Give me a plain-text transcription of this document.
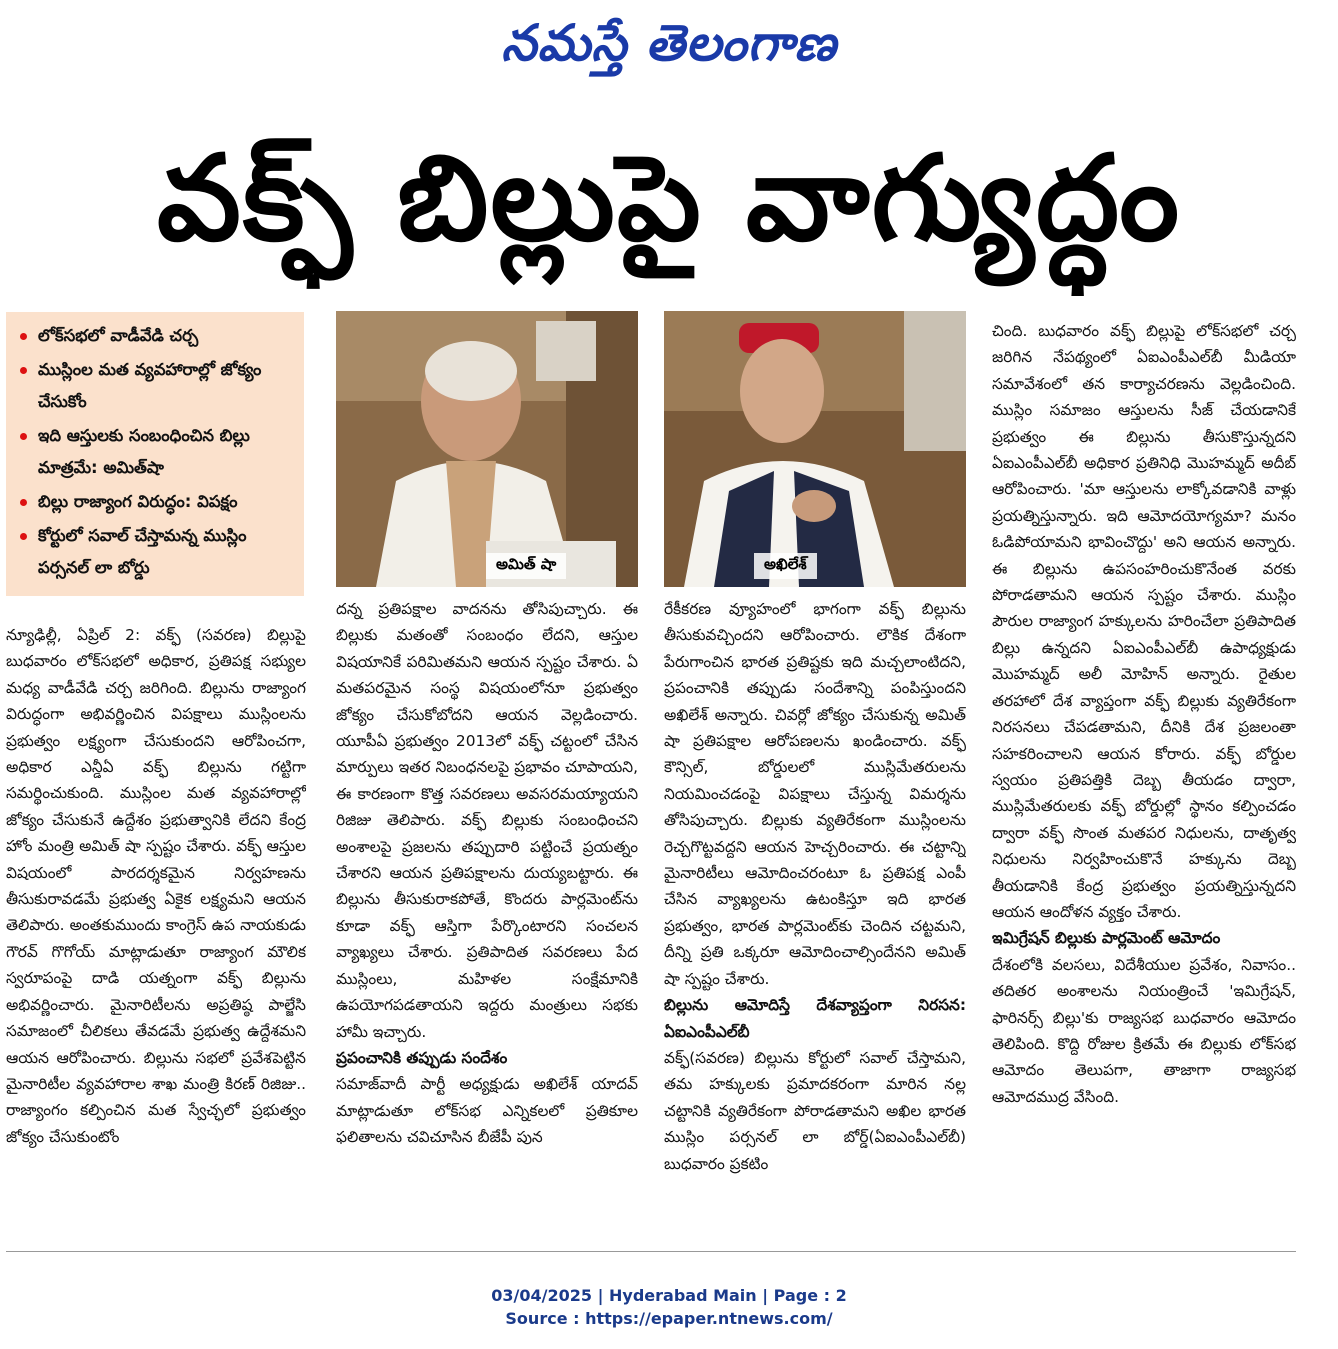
నమస్తే తెలంగాణ
వక్ఫ్ బిల్లుపై వాగ్యుద్ధం
లోక్‌సభలో వాడీవేడి చర్చ
ముస్లింల మత వ్యవహారాల్లో జోక్యం చేసుకోం
ఇది ఆస్తులకు సంబంధించిన బిల్లు మాత్రమే: అమిత్‌షా
బిల్లు రాజ్యాంగ విరుద్ధం: విపక్షం
కోర్టులో సవాల్ చేస్తామన్న ముస్లిం పర్సనల్ లా బోర్డు	అమిత్ షా	అఖిలేశ్

న్యూఢిల్లీ, ఏప్రిల్ 2: వక్ఫ్ (సవరణ) బిల్లుపై బుధవారం లోక్‌సభలో అధికార, ప్రతిపక్ష సభ్యుల మధ్య వాడీవేడి చర్చ జరిగింది. బిల్లును రాజ్యాంగ విరుద్ధంగా అభివర్ణించిన విపక్షాలు ముస్లింలను ప్రభుత్వం లక్ష్యంగా చేసుకుందని ఆరోపించగా, అధికార ఎన్డీఏ వక్ఫ్ బిల్లును గట్టిగా సమర్థించుకుంది. ముస్లింల మత వ్యవహారాల్లో జోక్యం చేసుకునే ఉద్దేశం ప్రభుత్వానికి లేదని కేంద్ర హోం మంత్రి అమిత్ షా స్పష్టం చేశారు. వక్ఫ్ ఆస్తుల విషయంలో పారదర్శకమైన నిర్వహణను తీసుకురావడమే ప్రభుత్వ ఏకైక లక్ష్యమని ఆయన తెలిపారు. అంతకుముందు కాంగ్రెస్ ఉప నాయకుడు గౌరవ్ గొగోయ్ మాట్లాడుతూ రాజ్యాంగ మౌలిక స్వరూపంపై దాడి యత్నంగా వక్ఫ్ బిల్లును అభివర్ణించారు. మైనారిటీలను అప్రతిష్ఠ పాల్జేసి సమాజంలో చీలికలు తేవడమే ప్రభుత్వ ఉద్దేశమని ఆయన ఆరోపించారు. బిల్లును సభలో ప్రవేశపెట్టిన మైనారిటీల వ్యవహారాల శాఖ మంత్రి కిరణ్ రిజిజు.. రాజ్యాంగం కల్పించిన మత స్వేచ్ఛలో ప్రభుత్వం జోక్యం చేసుకుంటోం

దన్న ప్రతిపక్షాల వాదనను తోసిపుచ్చారు. ఈ బిల్లుకు మతంతో సంబంధం లేదని, ఆస్తుల విషయానికే పరిమితమని ఆయన స్పష్టం చేశారు. ఏ మతపరమైన సంస్థ విషయంలోనూ ప్రభుత్వం జోక్యం చేసుకోబోదని ఆయన వెల్లడించారు. యూపీఏ ప్రభుత్వం 2013లో వక్ఫ్ చట్టంలో చేసిన మార్పులు ఇతర నిబంధనలపై ప్రభావం చూపాయని, ఈ కారణంగా కొత్త సవరణలు అవసరమయ్యాయని రిజిజు తెలిపారు. వక్ఫ్ బిల్లుకు సంబంధించని అంశాలపై ప్రజలను తప్పుదారి పట్టించే ప్రయత్నం చేశారని ఆయన ప్రతిపక్షాలను దుయ్యబట్టారు. ఈ బిల్లును తీసుకురాకపోతే, కొందరు పార్లమెంట్‌ను కూడా వక్ఫ్ ఆస్తిగా పేర్కొంటారని సంచలన వ్యాఖ్యలు చేశారు. ప్రతిపాదిత సవరణలు పేద ముస్లింలు, మహిళల సంక్షేమానికి ఉపయోగపడతాయని ఇద్దరు మంత్రులు సభకు హామీ ఇచ్చారు.

ప్రపంచానికి తప్పుడు సందేశం

సమాజ్‌వాదీ పార్టీ అధ్యక్షుడు అఖిలేశ్ యాదవ్ మాట్లాడుతూ లోక్‌సభ ఎన్నికలలో ప్రతికూల ఫలితాలను చవిచూసిన బీజేపీ పున

రేకీకరణ వ్యూహంలో భాగంగా వక్ఫ్ బిల్లును తీసుకువచ్చిందని ఆరోపించారు. లౌకిక దేశంగా పేరుగాంచిన భారత ప్రతిష్టకు ఇది మచ్చలాంటిదని, ప్రపంచానికి తప్పుడు సందేశాన్ని పంపిస్తుందని అఖిలేశ్ అన్నారు. చివర్లో జోక్యం చేసుకున్న అమిత్ షా ప్రతిపక్షాల ఆరోపణలను ఖండించారు. వక్ఫ్ కౌన్సిల్, బోర్డులలో ముస్లిమేతరులను నియమించడంపై విపక్షాలు చేస్తున్న విమర్శను తోసిపుచ్చారు. బిల్లుకు వ్యతిరేకంగా ముస్లింలను రెచ్చగొట్టవద్దని ఆయన హెచ్చరించారు. ఈ చట్టాన్ని మైనారిటీలు ఆమోదించరంటూ ఓ ప్రతిపక్ష ఎంపీ చేసిన వ్యాఖ్యలను ఉటంకిస్తూ ఇది భారత ప్రభుత్వం, భారత పార్లమెంట్‌కు చెందిన చట్టమని, దీన్ని ప్రతి ఒక్కరూ ఆమోదించాల్సిందేనని అమిత్ షా స్పష్టం చేశారు.

బిల్లును ఆమోదిస్తే దేశవ్యాప్తంగా నిరసన: ఏఐఎంపీఎల్‌బీ

వక్ఫ్(సవరణ) బిల్లును కోర్టులో సవాల్ చేస్తామని, తమ హక్కులకు ప్రమాదకరంగా మారిన నల్ల చట్టానికి వ్యతిరేకంగా పోరాడతామని అఖిల భారత ముస్లిం పర్సనల్ లా బోర్డ్(ఏఐఎంపీఎల్‌బీ) బుధవారం ప్రకటిం

చింది. బుధవారం వక్ఫ్ బిల్లుపై లోక్‌సభలో చర్చ జరిగిన నేపథ్యంలో ఏఐఎంపీఎల్‌బీ మీడియా సమావేశంలో తన కార్యాచరణను వెల్లడించింది. ముస్లిం సమాజం ఆస్తులను సీజ్ చేయడానికే ప్రభుత్వం ఈ బిల్లును తీసుకొస్తున్నదని ఏఐఎంపీఎల్‌బీ అధికార ప్రతినిధి మొహమ్మద్ అదీబ్ ఆరోపించారు. 'మా ఆస్తులను లాక్కోవడానికి వాళ్లు ప్రయత్నిస్తున్నారు. ఇది ఆమోదయోగ్యమా? మనం ఓడిపోయామని భావించొద్దు' అని ఆయన అన్నారు. ఈ బిల్లును ఉపసంహరించుకొనేంత వరకు పోరాడతామని ఆయన స్పష్టం చేశారు. ముస్లిం పౌరుల రాజ్యాంగ హక్కులను హరించేలా ప్రతిపాదిత బిల్లు ఉన్నదని ఏఐఎంపీఎల్‌బీ ఉపాధ్యక్షుడు మొహమ్మద్ అలీ మోహిన్ అన్నారు. రైతుల తరహాలో దేశ వ్యాప్తంగా వక్ఫ్ బిల్లుకు వ్యతిరేకంగా నిరసనలు చేపడతామని, దీనికి దేశ ప్రజలంతా సహకరించాలని ఆయన కోరారు. వక్ఫ్ బోర్డుల స్వయం ప్రతిపత్తికి దెబ్బ తీయడం ద్వారా, ముస్లిమేతరులకు వక్ఫ్ బోర్డుల్లో స్థానం కల్పించడం ద్వారా వక్ఫ్ సొంత మతపర నిధులను, దాతృత్వ నిధులను నిర్వహించుకొనే హక్కును దెబ్బ తీయడానికి కేంద్ర ప్రభుత్వం ప్రయత్నిస్తున్నదని ఆయన ఆందోళన వ్యక్తం చేశారు.

ఇమిగ్రేషన్ బిల్లుకు పార్లమెంట్ ఆమోదం

దేశంలోకి వలసలు, విదేశీయుల ప్రవేశం, నివాసం.. తదితర అంశాలను నియంత్రించే 'ఇమిగ్రేషన్, ఫారినర్స్ బిల్లు'కు రాజ్యసభ బుధవారం ఆమోదం తెలిపింది. కొద్ది రోజుల క్రితమే ఈ బిల్లుకు లోక్‌సభ ఆమోదం తెలుపగా, తాజాగా రాజ్యసభ ఆమోదముద్ర వేసింది.

03/04/2025 | Hyderabad Main | Page : 2
Source : https://epaper.ntnews.com/
